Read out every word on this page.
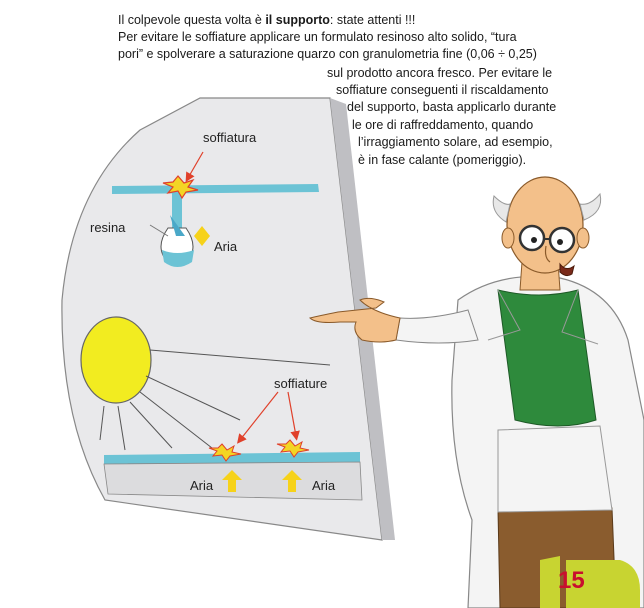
15
soffiatura
resina
Aria
soffiature
Aria	Aria
Il colpevole questa volta è il supporto: state attenti !!!
Per evitare le soffiature applicare un formulato resinoso alto solido, “tura
pori” e spolverare a saturazione quarzo con granulometria fine (0,06 ÷ 0,25)
sul prodotto ancora fresco. Per evitare le
soffiature conseguenti il riscaldamento
del supporto, basta applicarlo durante
le ore di raffreddamento, quando
l’irraggiamento solare, ad esempio,
è in fase calante (pomeriggio).
